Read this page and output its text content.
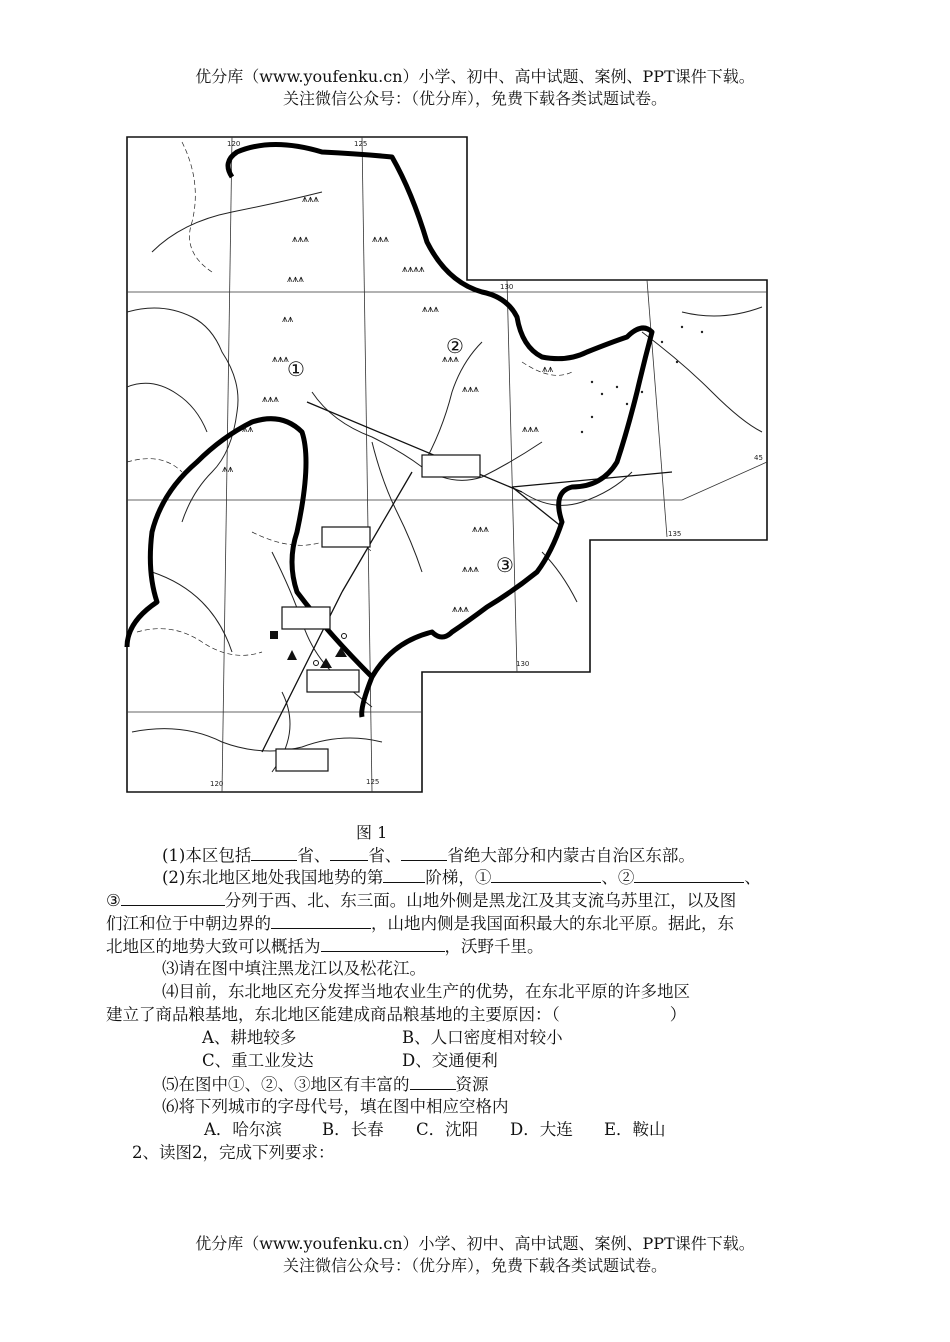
优分库（www.youfenku.cn）小学、初中、高中试题、案例、PPT课件下载。
关注微信公众号：（优分库），免费下载各类试题试卷。
⩚⩚⩚
⩚⩚⩚
⩚⩚⩚
⩚⩚
⩚⩚⩚
⩚⩚⩚
⩚⩚
⩚⩚
⩚⩚⩚
⩚⩚⩚⩚
⩚⩚⩚
⩚⩚⩚
⩚⩚⩚
⩚⩚
⩚⩚⩚
⩚⩚⩚
⩚⩚⩚
⩚⩚⩚
①
②
③
120	125
130
135
120	125
130
45
图 1
(1)本区包括	省、 省、	省绝大部分和内蒙古自治区东部。
(2)东北地区地处我国地势的第	阶梯，①	、②	、
③	分列于西、北、东三面。山地外侧是黑龙江及其支流乌苏里江，以及图
们江和位于中朝边界的	，山地内侧是我国面积最大的东北平原。据此，东
北地区的地势大致可以概括为	，沃野千里。
⑶请在图中填注黑龙江以及松花江。
⑷目前，东北地区充分发挥当地农业生产的优势，在东北平原的许多地区
建立了商品粮基地，东北地区能建成商品粮基地的主要原因：（	）
A、耕地较多	B、人口密度相对较小
C、重工业发达	D、交通便利
⑸在图中①、②、③地区有丰富的	资源
⑹将下列城市的字母代号，填在图中相应空格内
A．哈尔滨 B．长春 C．沈阳 D．大连 E．鞍山
2、读图2，完成下列要求：
优分库（www.youfenku.cn）小学、初中、高中试题、案例、PPT课件下载。
关注微信公众号：（优分库），免费下载各类试题试卷。
